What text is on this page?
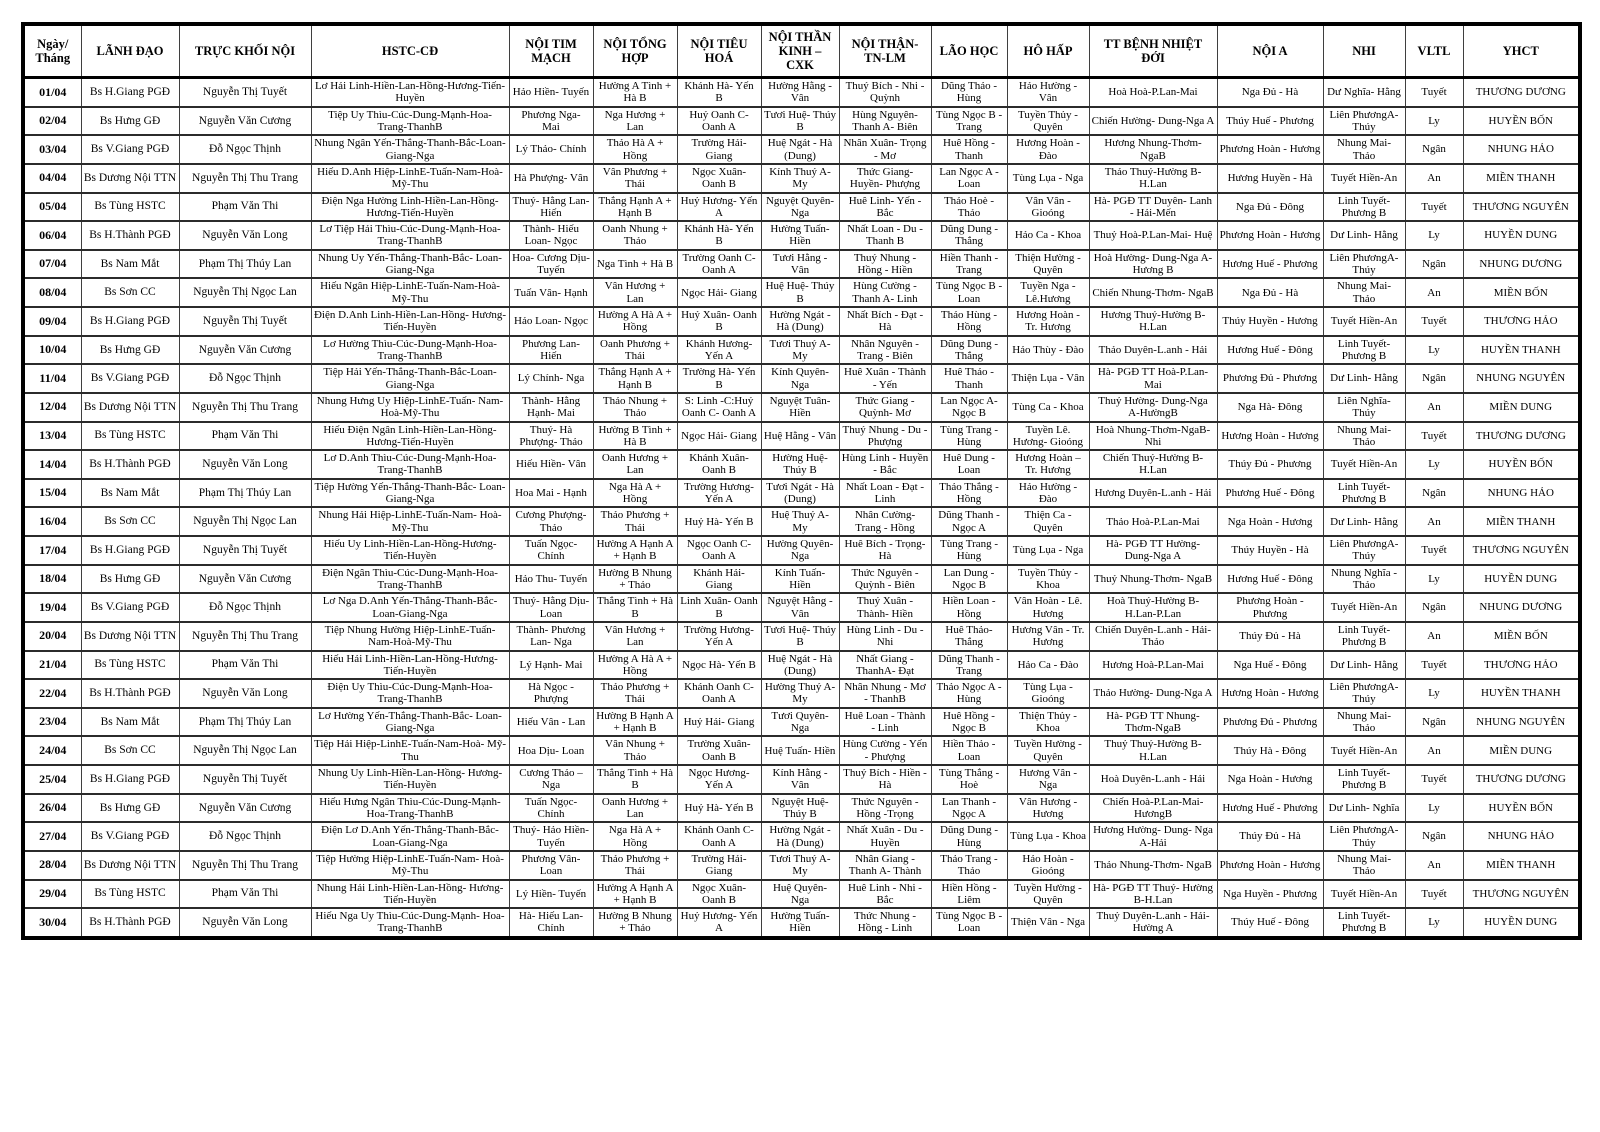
Ngày/ Tháng	LÃNH ĐẠO	TRỰC KHỐI NỘI	HSTC-CĐ	NỘI TIM MẠCH	NỘI TỔNG HỢP	NỘI TIÊU HOÁ	NỘI THẦN KINH – CXK	NỘI THẬN-TN-LM	LÃO HỌC	HÔ HẤP	TT BỆNH NHIỆT ĐỚI	NỘI A	NHI	VLTL	YHCT
01/04	Bs H.Giang PGĐ	Nguyễn Thị Tuyết	Lơ Hải Linh-Hiền-Lan-Hồng-Hương-Tiến-Huyền	Hảo Hiền- Tuyến	Hường A Tình + Hà B	Khánh Hà- Yến B	Hường Hằng -Vân	Thuý Bích - Nhi - Quỳnh	Dũng Thảo - Hùng	Hảo Hường - Vân	Hoà Hoà-P.Lan-Mai	Nga Đủ - Hà	Dư Nghĩa- Hằng	Tuyết	THƯƠNG DƯƠNG
02/04	Bs Hưng GĐ	Nguyễn Văn Cương	Tiệp Uy Thìu-Cúc-Dung-Mạnh-Hoa-Trang-ThanhB	Phương Nga- Mai	Nga Hương + Lan	Huỷ Oanh C- Oanh A	Tươi Huệ- Thúy B	Hùng Nguyên- Thanh A- Biên	Tùng Ngọc B - Trang	Tuyền Thủy - Quyên	Chiến Hường- Dung-Nga A	Thúy Huế - Phương	Liên PhươngA- Thúy	Ly	HUYỀN BỐN
03/04	Bs V.Giang PGĐ	Đỗ Ngọc Thịnh	Nhung Ngân Yến-Thắng-Thanh-Bắc-Loan-Giang-Nga	Lý Thảo- Chính	Thảo Hà A + Hồng	Trường Hải- Giang	Huệ Ngát - Hà (Dung)	Nhân Xuân- Trọng - Mơ	Huê Hồng - Thanh	Hương Hoàn - Đào	Hương Nhung-Thơm- NgaB	Phương Hoàn - Hương	Nhung Mai- Thảo	Ngân	NHUNG HẢO
04/04	Bs Dương Nội TTN	Nguyễn Thị Thu Trang	Hiếu D.Anh Hiệp-LinhE-Tuấn-Nam-Hoà-Mỹ-Thu	Hà Phượng- Vân	Vân Phương + Thái	Ngọc Xuân- Oanh B	Kính Thuý A- My	Thức Giang- Huyền- Phượng	Lan Ngọc A - Loan	Tùng Lụa - Nga	Thảo Thuý-Hường B- H.Lan	Hương Huyền - Hà	Tuyết Hiền-An	An	MIỀN THANH
05/04	Bs Tùng HSTC	Phạm Văn Thi	Điện Nga Hường Linh-Hiền-Lan-Hồng- Hương-Tiến-Huyền	Thuý- Hằng Lan- Hiến	Thắng Hạnh A + Hạnh B	Huỷ Hương- Yến A	Nguyệt Quyên- Nga	Huê Linh- Yến - Bắc	Thảo Hoè - Thảo	Vân Vân - Gioóng	Hà- PGĐ TT Duyên- Lanh - Hải-Mến	Nga Đủ - Đông	Linh Tuyết- Phương B	Tuyết	THƯƠNG NGUYÊN
06/04	Bs H.Thành PGĐ	Nguyễn Văn Long	Lơ Tiệp Hải Thìu-Cúc-Dung-Mạnh-Hoa- Trang-ThanhB	Thành- Hiếu Loan- Ngọc	Oanh Nhung + Thảo	Khánh Hà- Yến B	Hường Tuấn- Hiền	Nhất Loan - Du - Thanh B	Dũng Dung - Thắng	Hảo Ca - Khoa	Thuỷ Hoà-P.Lan-Mai- Huệ	Phương Hoàn - Hương	Dư Linh- Hằng	Ly	HUYỀN DUNG
07/04	Bs Nam Mắt	Phạm Thị Thúy Lan	Nhung Uy Yến-Thắng-Thanh-Bắc- Loan-Giang-Nga	Hoa- Cương Dịu- Tuyến	Nga Tình + Hà B	Trường Oanh C- Oanh A	Tươi Hằng - Vân	Thuý Nhung - Hồng - Hiền	Hiền Thanh - Trang	Thiện Hường - Quyên	Hoà Hường- Dung-Nga A-Hương B	Hương Huế - Phương	Liên PhươngA- Thúy	Ngân	NHUNG DƯƠNG
08/04	Bs Sơn CC	Nguyễn Thị Ngọc Lan	Hiếu Ngân Hiệp-LinhE-Tuấn-Nam-Hoà- Mỹ-Thu	Tuấn Vân- Hạnh	Vân Hương + Lan	Ngọc Hải- Giang	Huệ Huệ- Thúy B	Hùng Cường - Thanh A- Linh	Tùng Ngọc B - Loan	Tuyền Nga - Lê.Hương	Chiến Nhung-Thơm- NgaB	Nga Đủ - Hà	Nhung Mai- Thảo	An	MIỀN BỐN
09/04	Bs H.Giang PGĐ	Nguyễn Thị Tuyết	Điện D.Anh Linh-Hiền-Lan-Hồng- Hương-Tiến-Huyền	Hảo Loan- Ngọc	Hường A Hà A + Hồng	Huỷ Xuân- Oanh B	Hường Ngát - Hà (Dung)	Nhất Bích - Đạt - Hà	Thảo Hùng - Hồng	Hương Hoàn - Tr. Hương	Hương Thuý-Hường B- H.Lan	Thúy Huyền - Hương	Tuyết Hiền-An	Tuyết	THƯƠNG HẢO
10/04	Bs Hưng GĐ	Nguyễn Văn Cương	Lơ Hường Thìu-Cúc-Dung-Mạnh-Hoa- Trang-ThanhB	Phương Lan- Hiến	Oanh Phương + Thái	Khánh Hương- Yến A	Tươi Thuý A- My	Nhân Nguyên - Trang - Biên	Dũng Dung - Thắng	Hảo Thùy - Đào	Thảo Duyên-L.anh - Hải	Hương Huế - Đông	Linh Tuyết- Phương B	Ly	HUYỀN THANH
11/04	Bs V.Giang PGĐ	Đỗ Ngọc Thịnh	Tiệp Hải Yến-Thắng-Thanh-Bắc-Loan- Giang-Nga	Lý Chính- Nga	Thắng Hạnh A + Hạnh B	Trường Hà- Yến B	Kính Quyên- Nga	Huê Xuân - Thành - Yến	Huê Thảo - Thanh	Thiện Lụa - Vân	Hà- PGĐ TT Hoà-P.Lan- Mai	Phương Đủ - Phương	Dư Linh- Hằng	Ngân	NHUNG NGUYÊN
12/04	Bs Dương Nội TTN	Nguyễn Thị Thu Trang	Nhung Hưng Uy Hiệp-LinhE-Tuấn- Nam-Hoà-Mỹ-Thu	Thành- Hằng Hạnh- Mai	Thảo Nhung + Thảo	S: Linh -C:Huỷ Oanh C- Oanh A	Nguyệt Tuân- Hiền	Thức Giang - Quỳnh- Mơ	Lan Ngọc A- Ngọc B	Tùng Ca - Khoa	Thuỷ Hường- Dung-Nga A-HườngB	Nga Hà- Đông	Liên Nghĩa- Thúy	An	MIỀN DUNG
13/04	Bs Tùng HSTC	Phạm Văn Thi	Hiếu Điện Ngân Linh-Hiền-Lan-Hồng- Hương-Tiến-Huyền	Thuý- Hà Phượng- Thảo	Hường B Tình + Hà B	Ngọc Hải- Giang	Huệ Hằng - Vân	Thuý Nhung - Du - Phượng	Tùng Trang - Hùng	Tuyền Lê. Hương- Gioóng	Hoà Nhung-Thơm-NgaB- Nhi	Hương Hoàn - Hương	Nhung Mai- Thảo	Tuyết	THƯƠNG DƯƠNG
14/04	Bs H.Thành PGĐ	Nguyễn Văn Long	Lơ D.Anh Thìu-Cúc-Dung-Mạnh-Hoa- Trang-ThanhB	Hiếu Hiền- Vân	Oanh Hương + Lan	Khánh Xuân- Oanh B	Hường Huệ- Thúy B	Hùng Linh - Huyền - Bắc	Huê Dung - Loan	Hương Hoàn – Tr. Hương	Chiến Thuý-Hường B- H.Lan	Thúy Đủ - Phương	Tuyết Hiền-An	Ly	HUYỀN BỐN
15/04	Bs Nam Mắt	Phạm Thị Thúy Lan	Tiệp Hường Yến-Thắng-Thanh-Bắc- Loan-Giang-Nga	Hoa Mai - Hạnh	Nga Hà A + Hồng	Trường Hương- Yến A	Tươi Ngát - Hà (Dung)	Nhất Loan - Đạt - Linh	Thảo Thắng - Hồng	Hảo Hường - Đào	Hương Duyên-L.anh - Hải	Phương Huế - Đông	Linh Tuyết- Phương B	Ngân	NHUNG HẢO
16/04	Bs Sơn CC	Nguyễn Thị Ngọc Lan	Nhung Hải Hiệp-LinhE-Tuấn-Nam- Hoà-Mỹ-Thu	Cương Phượng- Thảo	Thảo Phương + Thái	Huỷ Hà- Yến B	Huệ Thuý A- My	Nhân Cường- Trang - Hồng	Dũng Thanh - Ngọc A	Thiện Ca - Quyên	Thảo Hoà-P.Lan-Mai	Nga Hoàn - Hương	Dư Linh- Hằng	An	MIỀN THANH
17/04	Bs H.Giang PGĐ	Nguyễn Thị Tuyết	Hiếu Uy Linh-Hiền-Lan-Hồng-Hương- Tiến-Huyền	Tuấn Ngọc- Chính	Hường A Hạnh A + Hạnh B	Ngọc Oanh C- Oanh A	Hường Quyên- Nga	Huê Bích - Trọng- Hà	Tùng Trang - Hùng	Tùng Lụa - Nga	Hà- PGĐ TT Hường- Dung-Nga A	Thúy Huyền - Hà	Liên PhươngA- Thúy	Tuyết	THƯƠNG NGUYÊN
18/04	Bs Hưng GĐ	Nguyễn Văn Cương	Điện Ngân Thìu-Cúc-Dung-Mạnh-Hoa- Trang-ThanhB	Hảo Thu- Tuyến	Hường B Nhung + Thảo	Khánh Hải- Giang	Kính Tuấn- Hiền	Thức Nguyên - Quỳnh - Biên	Lan Dung - Ngọc B	Tuyền Thủy - Khoa	Thuỷ Nhung-Thơm- NgaB	Hương Huế - Đông	Nhung Nghĩa - Thảo	Ly	HUYỀN DUNG
19/04	Bs V.Giang PGĐ	Đỗ Ngọc Thịnh	Lơ Nga D.Anh Yến-Thắng-Thanh-Bắc- Loan-Giang-Nga	Thuý- Hằng Dịu- Loan	Thắng Tình + Hà B	Linh Xuân- Oanh B	Nguyệt Hằng -Vân	Thuý Xuân - Thành- Hiền	Hiền Loan - Hồng	Vân Hoàn - Lê. Hương	Hoà Thuý-Hường B- H.Lan-P.Lan	Phương Hoàn - Phương	Tuyết Hiền-An	Ngân	NHUNG DƯƠNG
20/04	Bs Dương Nội TTN	Nguyễn Thị Thu Trang	Tiệp Nhung Hường Hiệp-LinhE-Tuấn- Nam-Hoà-Mỹ-Thu	Thành- Phương Lan- Nga	Vân Hương + Lan	Trường Hương- Yến A	Tươi Huệ- Thúy B	Hùng Linh - Du - Nhi	Huê Thảo- Thắng	Hương Vân - Tr. Hương	Chiến Duyên-L.anh - Hải-Thảo	Thúy Đủ - Hà	Linh Tuyết- Phương B	An	MIỀN BỐN
21/04	Bs Tùng HSTC	Phạm Văn Thi	Hiếu Hải Linh-Hiền-Lan-Hồng-Hương- Tiến-Huyền	Lý Hạnh- Mai	Hường A Hà A + Hồng	Ngọc Hà- Yến B	Huệ Ngát - Hà (Dung)	Nhất Giang - ThanhA- Đạt	Dũng Thanh - Trang	Hảo Ca - Đào	Hương Hoà-P.Lan-Mai	Nga Huế - Đông	Dư Linh- Hằng	Tuyết	THƯƠNG HẢO
22/04	Bs H.Thành PGĐ	Nguyễn Văn Long	Điện Uy Thìu-Cúc-Dung-Mạnh-Hoa- Trang-ThanhB	Hà Ngọc - Phượng	Thảo Phương + Thái	Khánh Oanh C- Oanh A	Hường Thuý A- My	Nhân Nhung - Mơ - ThanhB	Thảo Ngọc A - Hùng	Tùng Lụa - Gioóng	Thảo Hường- Dung-Nga A	Hương Hoàn - Hương	Liên PhươngA- Thúy	Ly	HUYỀN THANH
23/04	Bs Nam Mắt	Phạm Thị Thúy Lan	Lơ Hường Yến-Thắng-Thanh-Bắc- Loan-Giang-Nga	Hiếu Vân - Lan	Hường B Hạnh A + Hạnh B	Huỷ Hải- Giang	Tươi Quyên- Nga	Huê Loan - Thành - Linh	Huê Hồng - Ngọc B	Thiện Thủy - Khoa	Hà- PGĐ TT Nhung- Thơm-NgaB	Phương Đủ - Phương	Nhung Mai- Thảo	Ngân	NHUNG NGUYÊN
24/04	Bs Sơn CC	Nguyễn Thị Ngọc Lan	Tiệp Hải Hiệp-LinhE-Tuấn-Nam-Hoà- Mỹ-Thu	Hoa Dịu- Loan	Vân Nhung + Thảo	Trường Xuân- Oanh B	Huệ Tuấn- Hiền	Hùng Cường - Yến - Phượng	Hiền Thảo - Loan	Tuyền Hường - Quyên	Thuỷ Thuý-Hường B- H.Lan	Thúy Hà - Đông	Tuyết Hiền-An	An	MIỀN DUNG
25/04	Bs H.Giang PGĐ	Nguyễn Thị Tuyết	Nhung Uy Linh-Hiền-Lan-Hồng- Hương-Tiến-Huyền	Cương Thảo – Nga	Thắng Tình + Hà B	Ngọc Hương- Yến A	Kính Hằng - Vân	Thuý Bích - Hiền - Hà	Tùng Thắng - Hoè	Hương Vân - Nga	Hoà Duyên-L.anh - Hải	Nga Hoàn - Hương	Linh Tuyết- Phương B	Tuyết	THƯƠNG DƯƠNG
26/04	Bs Hưng GĐ	Nguyễn Văn Cương	Hiếu Hưng Ngân Thìu-Cúc-Dung-Mạnh- Hoa-Trang-ThanhB	Tuấn Ngọc- Chính	Oanh Hương + Lan	Huỷ Hà- Yến B	Nguyệt Huệ- Thúy B	Thức Nguyên - Hồng -Trọng	Lan Thanh - Ngọc A	Vân Hương - Hương	Chiến Hoà-P.Lan-Mai- HươngB	Hương Huế - Phương	Dư Linh- Nghĩa	Ly	HUYỀN BỐN
27/04	Bs V.Giang PGĐ	Đỗ Ngọc Thịnh	Điện Lơ D.Anh Yến-Thắng-Thanh-Bắc- Loan-Giang-Nga	Thuý- Hảo Hiền- Tuyến	Nga Hà A + Hồng	Khánh Oanh C- Oanh A	Hường Ngát - Hà (Dung)	Nhất Xuân - Du - Huyền	Dũng Dung - Hùng	Tùng Lụa - Khoa	Hương Hường- Dung- Nga A-Hải	Thúy Đủ - Hà	Liên PhươngA- Thúy	Ngân	NHUNG HẢO
28/04	Bs Dương Nội TTN	Nguyễn Thị Thu Trang	Tiệp Hường Hiệp-LinhE-Tuấn-Nam- Hoà-Mỹ-Thu	Phương Vân- Loan	Thảo Phương + Thái	Trường Hải- Giang	Tươi Thuý A- My	Nhân Giang - Thanh A- Thành	Thảo Trang - Thảo	Hảo Hoàn - Gioóng	Thảo Nhung-Thơm- NgaB	Phương Hoàn - Hương	Nhung Mai- Thảo	An	MIỀN THANH
29/04	Bs Tùng HSTC	Phạm Văn Thi	Nhung Hải Linh-Hiền-Lan-Hồng- Hương-Tiến-Huyền	Lý Hiền- Tuyến	Hường A Hạnh A + Hạnh B	Ngọc Xuân- Oanh B	Huệ Quyên- Nga	Huê Linh - Nhi - Bắc	Hiền Hồng - Liêm	Tuyền Hường - Quyên	Hà- PGĐ TT Thuý- Hường B-H.Lan	Nga Huyền - Phương	Tuyết Hiền-An	Tuyết	THƯƠNG NGUYÊN
30/04	Bs H.Thành PGĐ	Nguyễn Văn Long	Hiếu Nga Uy Thìu-Cúc-Dung-Mạnh- Hoa-Trang-ThanhB	Hà- Hiếu Lan- Chính	Hường B Nhung + Thảo	Huỷ Hương- Yến A	Hường Tuấn- Hiền	Thức Nhung - Hồng - Linh	Tùng Ngọc B - Loan	Thiện Vân - Nga	Thuỷ Duyên-L.anh - Hải- Hường A	Thúy Huế - Đông	Linh Tuyết- Phương B	Ly	HUYỀN DUNG
